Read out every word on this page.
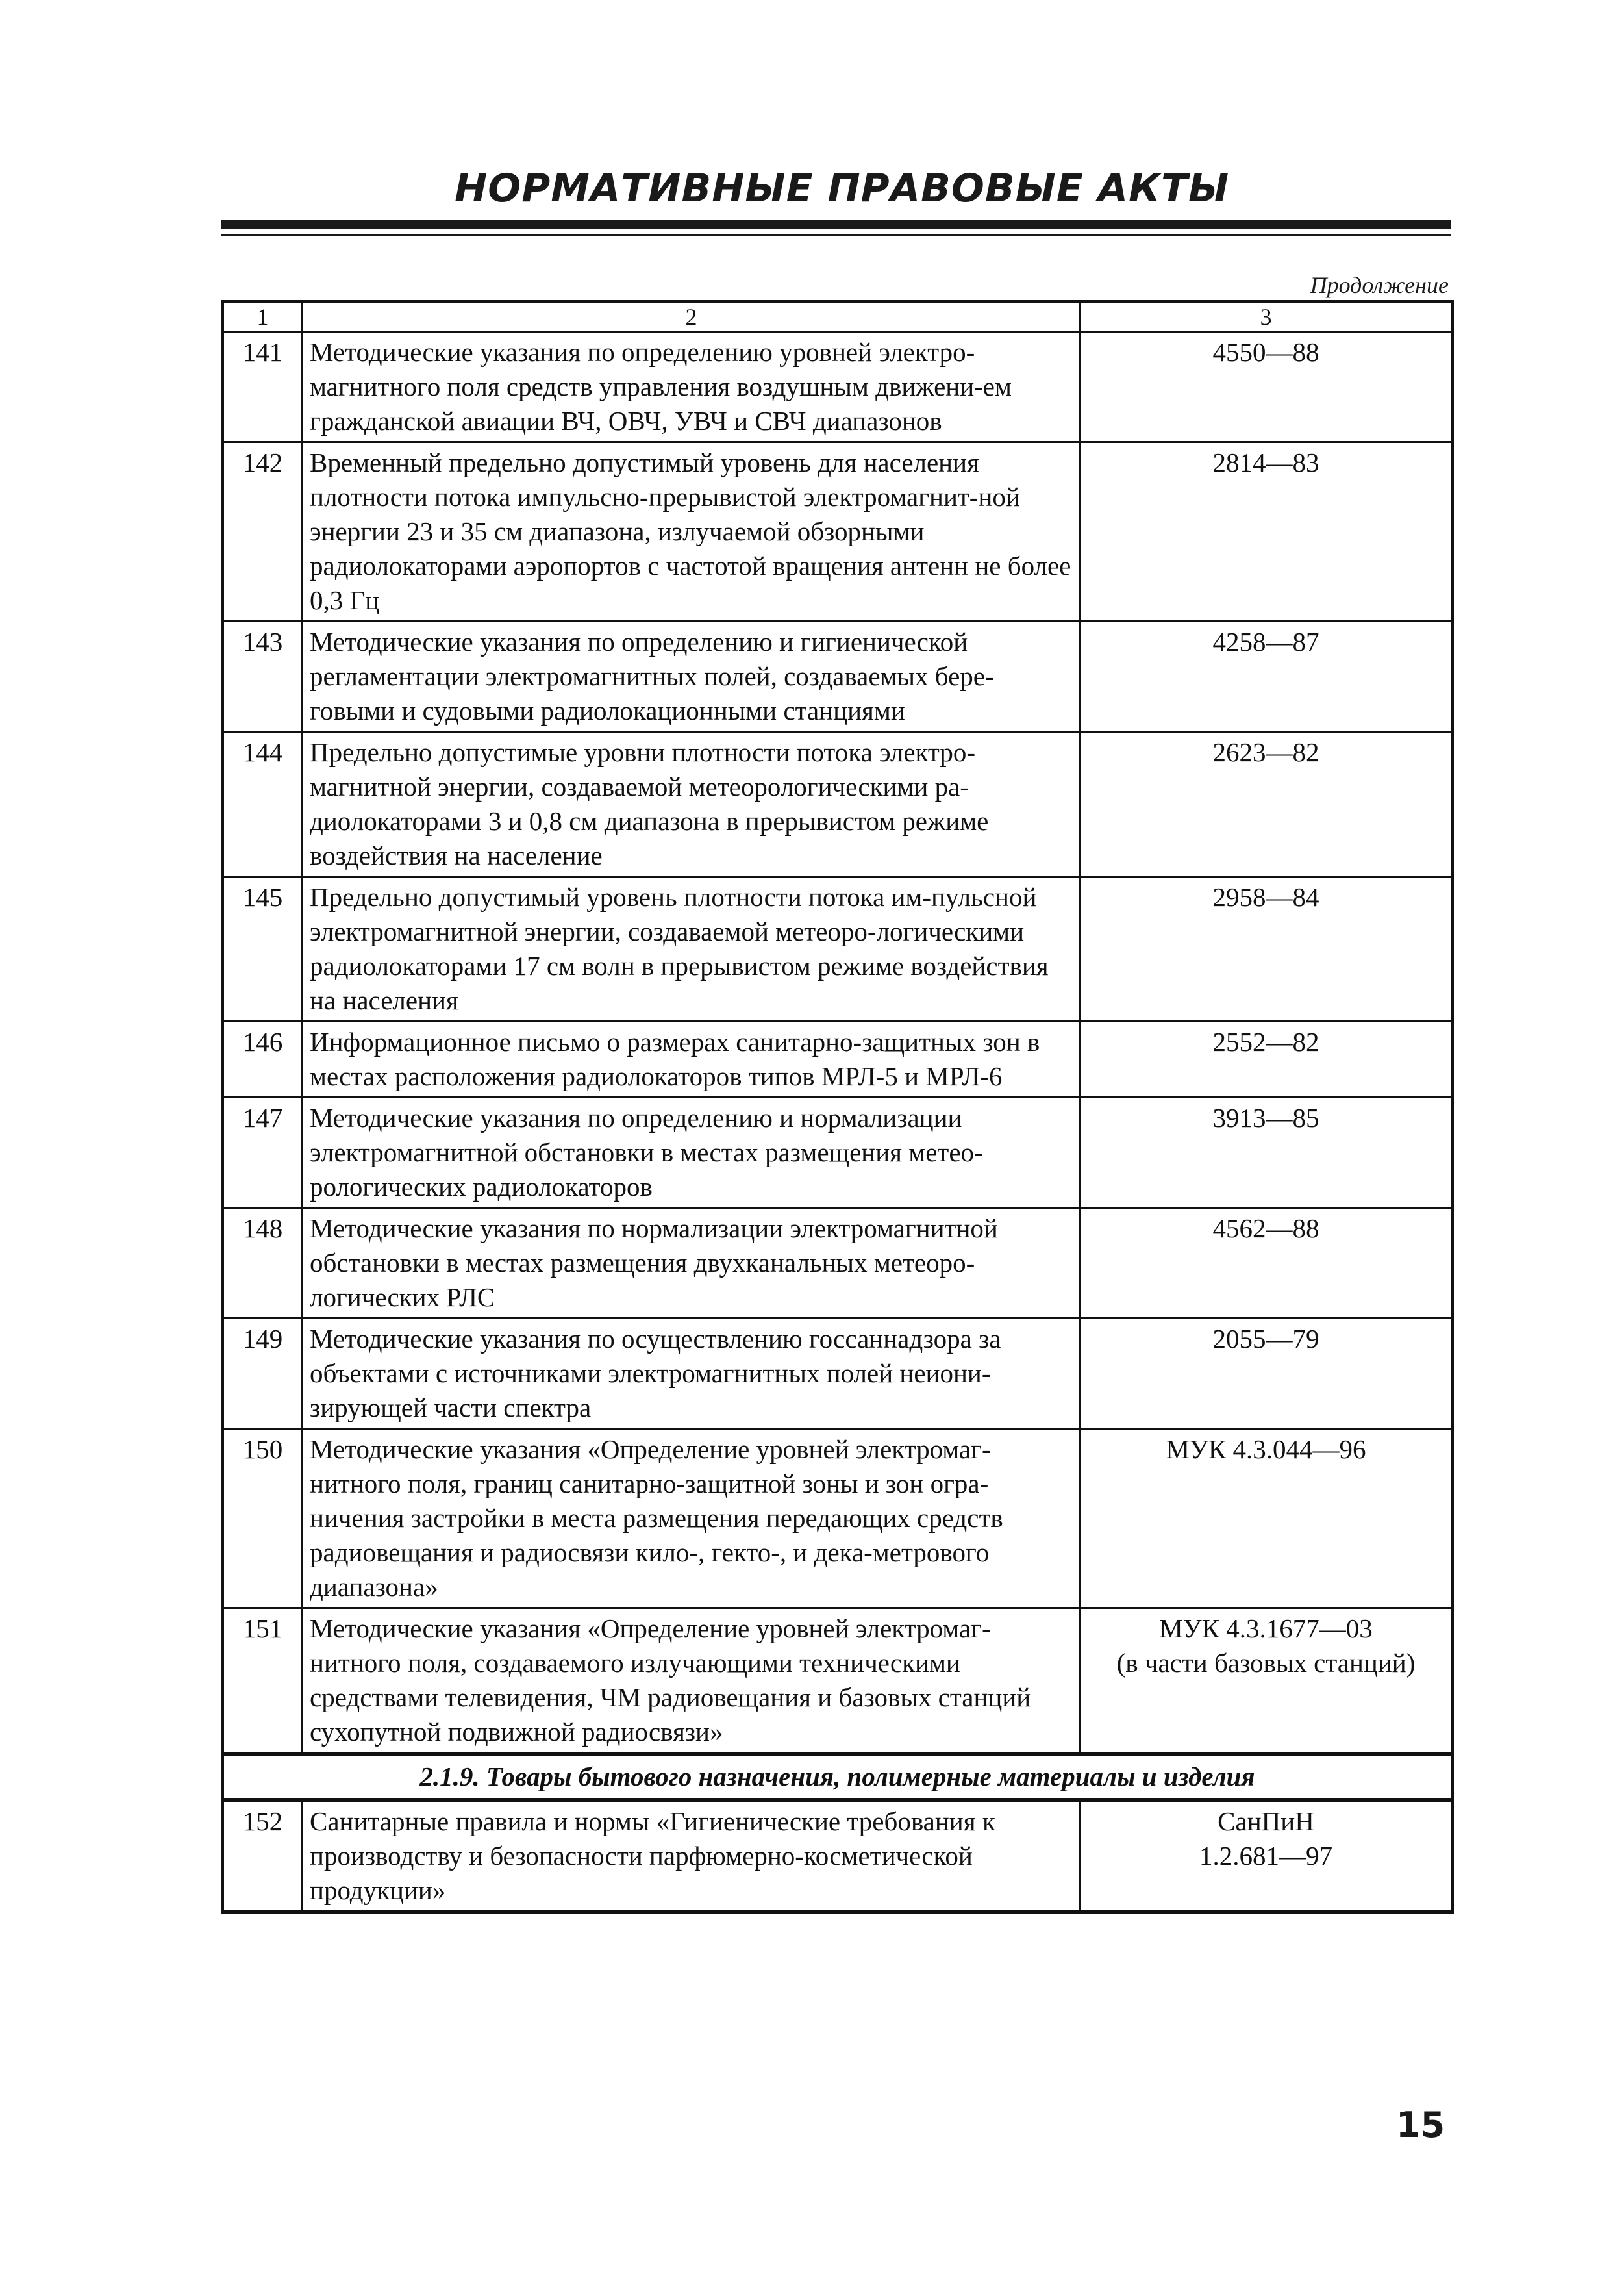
НОРМАТИВНЫЕ ПРАВОВЫЕ АКТЫ
Продолжение
1	2	3
141	Методические указания по определению уровней электро-магнитного поля средств управления воздушным движени-ем гражданской авиации ВЧ, ОВЧ, УВЧ и СВЧ диапазонов	4550—88

142	Временный предельно допустимый уровень для населения плотности потока импульсно-прерывистой электромагнит-ной энергии 23 и 35 см диапазона, излучаемой обзорными радиолокаторами аэропортов с частотой вращения антенн не более 0,3 Гц	2814—83

143	Методические указания по определению и гигиенической регламентации электромагнитных полей, создаваемых бере-говыми и судовыми радиолокационными станциями	4258—87

144	Предельно допустимые уровни плотности потока электро-магнитной энергии, создаваемой метеорологическими ра-диолокаторами 3 и 0,8 см диапазона в прерывистом режиме воздействия на население	2623—82

145	Предельно допустимый уровень плотности потока им-пульсной электромагнитной энергии, создаваемой метеоро-логическими радиолокаторами 17 см волн в прерывистом режиме воздействия на населения	2958—84

146	Информационное письмо о размерах санитарно-защитных зон в местах расположения радиолокаторов типов МРЛ-5 и МРЛ-6	2552—82

147	Методические указания по определению и нормализации электромагнитной обстановки в местах размещения метео-рологических радиолокаторов	3913—85

148	Методические указания по нормализации электромагнитной обстановки в местах размещения двухканальных метеоро-логических РЛС	4562—88

149	Методические указания по осуществлению госсаннадзора за объектами с источниками электромагнитных полей неиони-зирующей части спектра	2055—79

150	Методические указания «Определение уровней электромаг-нитного поля, границ санитарно-защитной зоны и зон огра-ничения застройки в места размещения передающих средств радиовещания и радиосвязи кило-, гекто-, и дека-метрового диапазона»	МУК 4.3.044—96

151	Методические указания «Определение уровней электромаг-нитного поля, создаваемого излучающими техническими средствами телевидения, ЧМ радиовещания и базовых станций сухопутной подвижной радиосвязи»	МУК 4.3.1677—03
(в части базовых станций)

2.1.9. Товары бытового назначения, полимерные материалы и изделия		
152	Санитарные правила и нормы «Гигиенические требования к производству и безопасности парфюмерно-косметической продукции»	СанПиН
1.2.681—97
15
